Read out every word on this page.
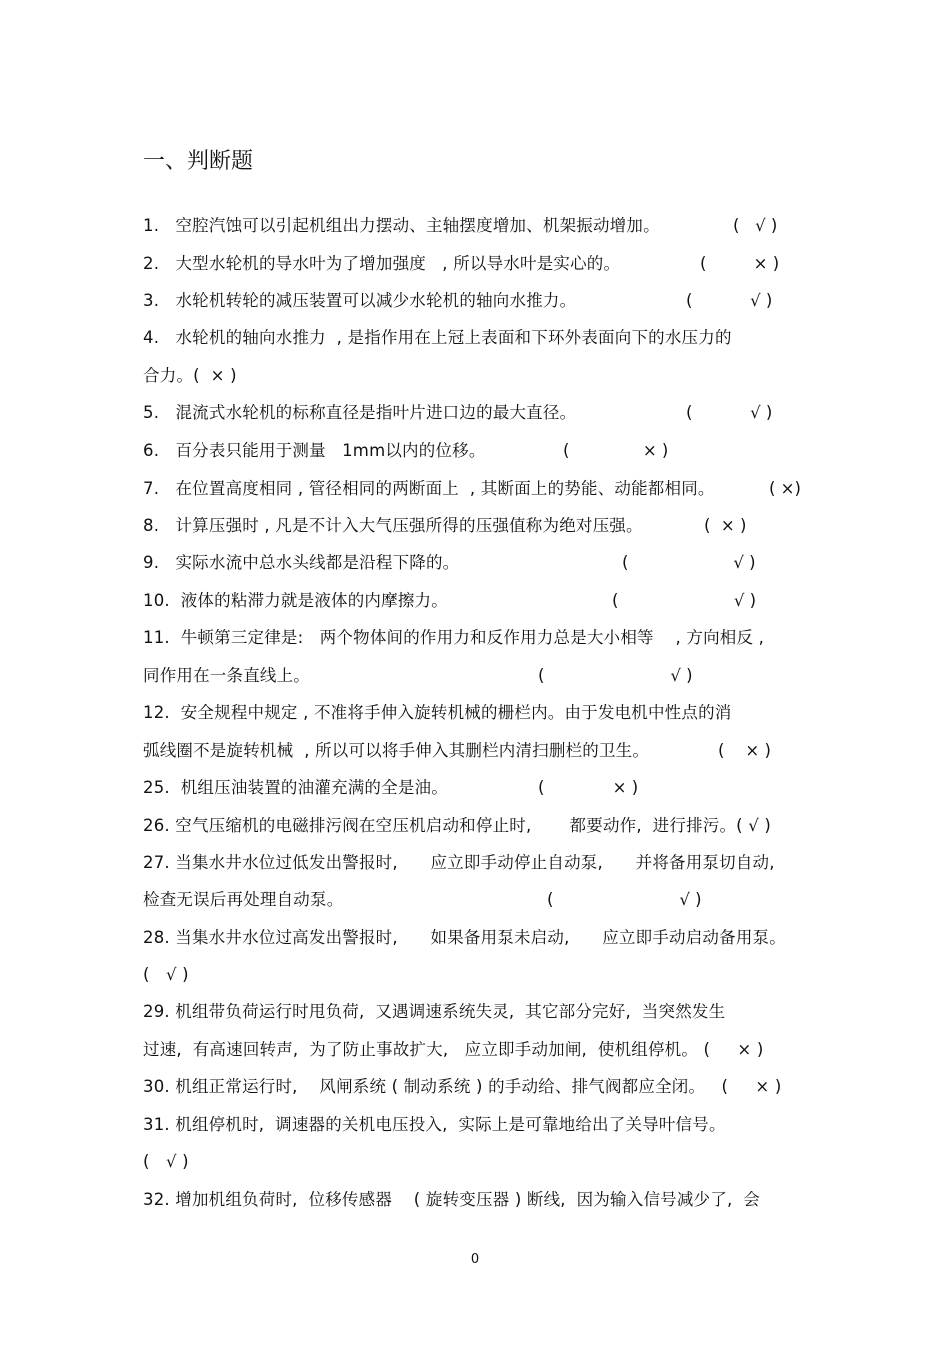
一、判断题
1.   空腔汽蚀可以引起机组出力摆动、主轴摆度增加、机架振动增加。	(   √ )
2.   大型水轮机的导水叶为了增加强度   , 所以导水叶是实心的。	(         × )
3.   水轮机转轮的减压装置可以减少水轮机的轴向水推力。	(           √ )
4.   水轮机的轴向水推力  , 是指作用在上冠上表面和下环外表面向下的水压力的
合力。(  × )
5.   混流式水轮机的标称直径是指叶片进口边的最大直径。	(           √ )
6.   百分表只能用于测量   1mm以内的位移。	(              × )
7.   在位置高度相同 , 管径相同的两断面上  , 其断面上的势能、动能都相同。	( ×)
8.   计算压强时 , 凡是不计入大气压强所得的压强值称为绝对压强。	(  × )
9.   实际水流中总水头线都是沿程下降的。	(                    √ )
10.  液体的粘滞力就是液体的内摩擦力。	(                      √ )
11.  牛顿第三定律是:   两个物体间的作用力和反作用力总是大小相等    , 方向相反 ,
同作用在一条直线上。	(                        √ )
12.  安全规程中规定 , 不准将手伸入旋转机械的栅栏内。由于发电机中性点的消
弧线圈不是旋转机械  , 所以可以将手伸入其删栏内清扫删栏的卫生。	(    × )
25.  机组压油装置的油灌充满的全是油。	(             × )
26. 空气压缩机的电磁排污阀在空压机启动和停止时,       都要动作,  进行排污。( √ )
27. 当集水井水位过低发出警报时,      应立即手动停止自动泵,      并将备用泵切自动,
检查无误后再处理自动泵。	(                        √ )
28. 当集水井水位过高发出警报时,      如果备用泵未启动,      应立即手动启动备用泵。
(   √ )
29. 机组带负荷运行时甩负荷,  又遇调速系统失灵,  其它部分完好,  当突然发生
过速,  有高速回转声,  为了防止事故扩大,   应立即手动加闸,  使机组停机。 (     × )
30. 机组正常运行时,    风闸系统 ( 制动系统 ) 的手动给、排气阀都应全闭。   (     × )
31. 机组停机时,  调速器的关机电压投入,  实际上是可靠地给出了关导叶信号。
(   √ )
32. 增加机组负荷时,  位移传感器    ( 旋转变压器 ) 断线,  因为输入信号减少了,  会
0
